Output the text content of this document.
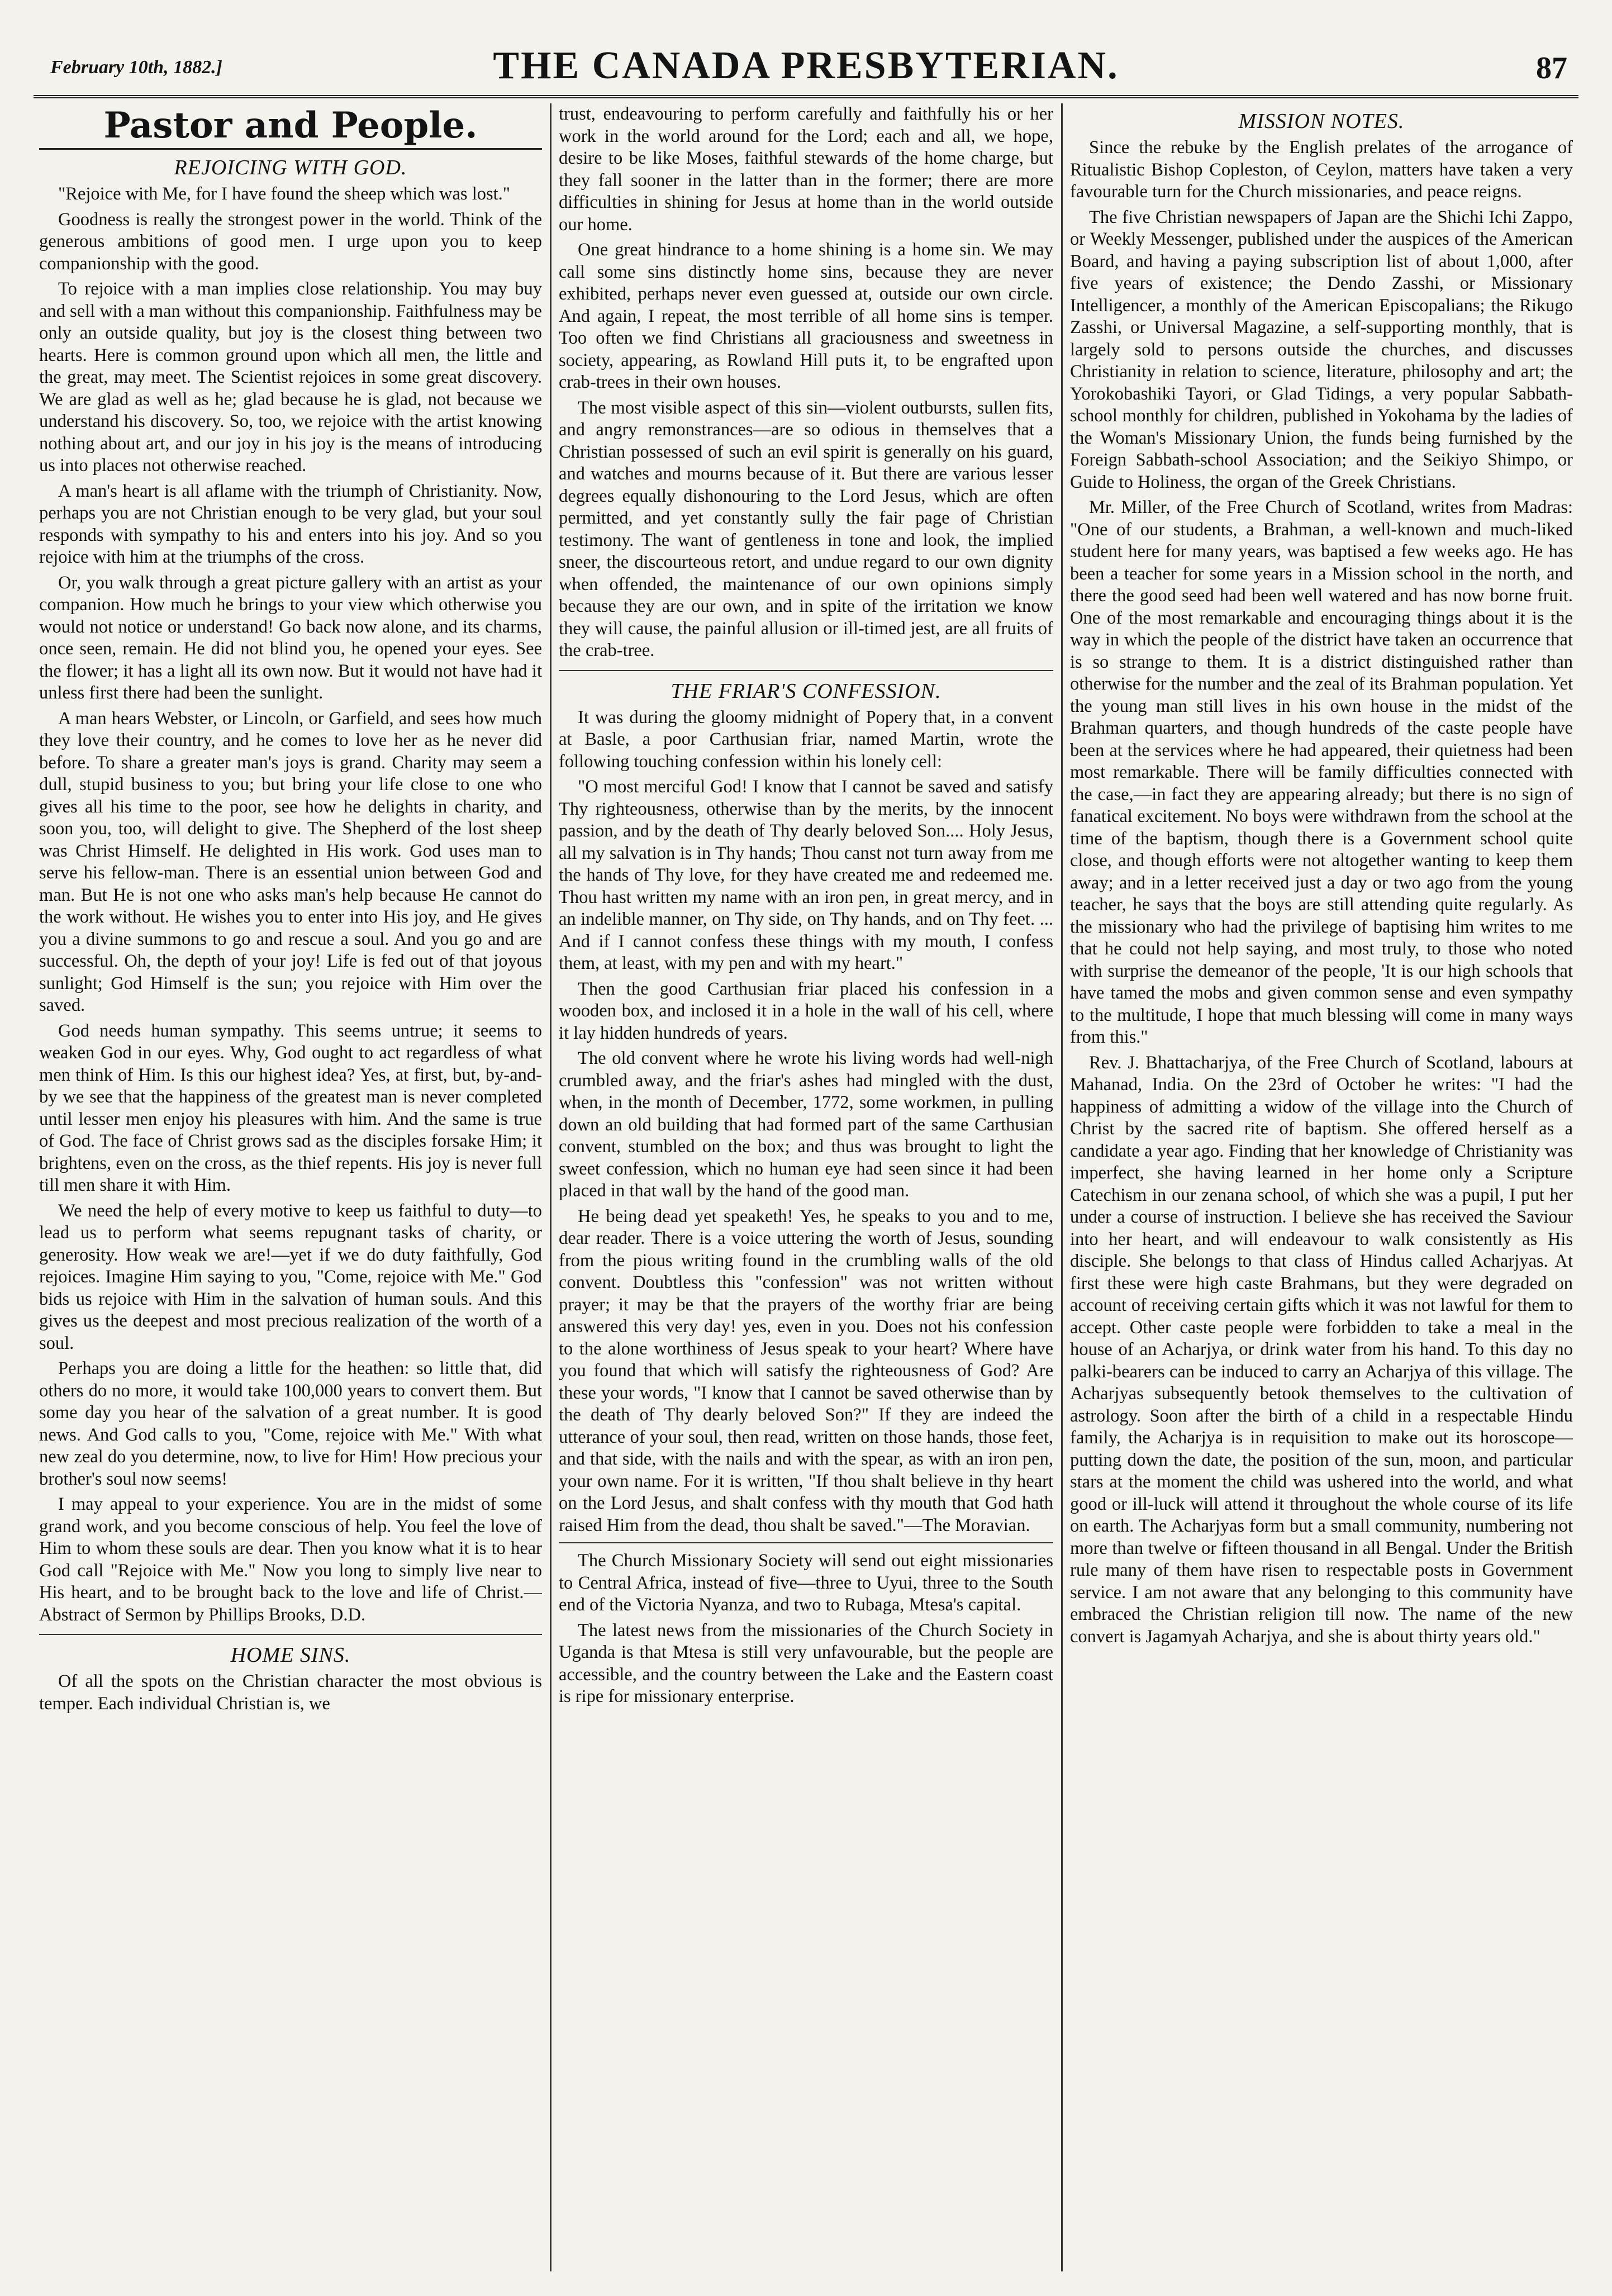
February 10th, 1882.]	THE CANADA PRESBYTERIAN.	87
Pastor and People.
REJOICING WITH GOD.

"Rejoice with Me, for I have found the sheep which was lost."

Goodness is really the strongest power in the world. Think of the generous ambitions of good men. I urge upon you to keep companionship with the good.

To rejoice with a man implies close relationship. You may buy and sell with a man without this companionship. Faithfulness may be only an outside quality, but joy is the closest thing between two hearts. Here is common ground upon which all men, the little and the great, may meet. The Scientist rejoices in some great discovery. We are glad as well as he; glad because he is glad, not because we understand his discovery. So, too, we rejoice with the artist knowing nothing about art, and our joy in his joy is the means of introducing us into places not otherwise reached.

A man's heart is all aflame with the triumph of Christianity. Now, perhaps you are not Christian enough to be very glad, but your soul responds with sympathy to his and enters into his joy. And so you rejoice with him at the triumphs of the cross.

Or, you walk through a great picture gallery with an artist as your companion. How much he brings to your view which otherwise you would not notice or understand! Go back now alone, and its charms, once seen, remain. He did not blind you, he opened your eyes. See the flower; it has a light all its own now. But it would not have had it unless first there had been the sunlight.

A man hears Webster, or Lincoln, or Garfield, and sees how much they love their country, and he comes to love her as he never did before. To share a greater man's joys is grand. Charity may seem a dull, stupid business to you; but bring your life close to one who gives all his time to the poor, see how he delights in charity, and soon you, too, will delight to give. The Shepherd of the lost sheep was Christ Himself. He delighted in His work. God uses man to serve his fellow-man. There is an essential union between God and man. But He is not one who asks man's help because He cannot do the work without. He wishes you to enter into His joy, and He gives you a divine summons to go and rescue a soul. And you go and are successful. Oh, the depth of your joy! Life is fed out of that joyous sunlight; God Himself is the sun; you rejoice with Him over the saved.

God needs human sympathy. This seems untrue; it seems to weaken God in our eyes. Why, God ought to act regardless of what men think of Him. Is this our highest idea? Yes, at first, but, by-and-by we see that the happiness of the greatest man is never completed until lesser men enjoy his pleasures with him. And the same is true of God. The face of Christ grows sad as the disciples forsake Him; it brightens, even on the cross, as the thief repents. His joy is never full till men share it with Him.

We need the help of every motive to keep us faithful to duty—to lead us to perform what seems repugnant tasks of charity, or generosity. How weak we are!—yet if we do duty faithfully, God rejoices. Imagine Him saying to you, "Come, rejoice with Me." God bids us rejoice with Him in the salvation of human souls. And this gives us the deepest and most precious realization of the worth of a soul.

Perhaps you are doing a little for the heathen: so little that, did others do no more, it would take 100,000 years to convert them. But some day you hear of the salvation of a great number. It is good news. And God calls to you, "Come, rejoice with Me." With what new zeal do you determine, now, to live for Him! How precious your brother's soul now seems!

I may appeal to your experience. You are in the midst of some grand work, and you become conscious of help. You feel the love of Him to whom these souls are dear. Then you know what it is to hear God call "Rejoice with Me." Now you long to simply live near to His heart, and to be brought back to the love and life of Christ.—Abstract of Sermon by Phillips Brooks, D.D.

HOME SINS.

Of all the spots on the Christian character the most obvious is temper. Each individual Christian is, we

trust, endeavouring to perform carefully and faithfully his or her work in the world around for the Lord; each and all, we hope, desire to be like Moses, faithful stewards of the home charge, but they fall sooner in the latter than in the former; there are more difficulties in shining for Jesus at home than in the world outside our home.

One great hindrance to a home shining is a home sin. We may call some sins distinctly home sins, because they are never exhibited, perhaps never even guessed at, outside our own circle. And again, I repeat, the most terrible of all home sins is temper. Too often we find Christians all graciousness and sweetness in society, appearing, as Rowland Hill puts it, to be engrafted upon crab-trees in their own houses.

The most visible aspect of this sin—violent outbursts, sullen fits, and angry remonstrances—are so odious in themselves that a Christian possessed of such an evil spirit is generally on his guard, and watches and mourns because of it. But there are various lesser degrees equally dishonouring to the Lord Jesus, which are often permitted, and yet constantly sully the fair page of Christian testimony. The want of gentleness in tone and look, the implied sneer, the discourteous retort, and undue regard to our own dignity when offended, the maintenance of our own opinions simply because they are our own, and in spite of the irritation we know they will cause, the painful allusion or ill-timed jest, are all fruits of the crab-tree.

THE FRIAR'S CONFESSION.

It was during the gloomy midnight of Popery that, in a convent at Basle, a poor Carthusian friar, named Martin, wrote the following touching confession within his lonely cell:

"O most merciful God! I know that I cannot be saved and satisfy Thy righteousness, otherwise than by the merits, by the innocent passion, and by the death of Thy dearly beloved Son.... Holy Jesus, all my salvation is in Thy hands; Thou canst not turn away from me the hands of Thy love, for they have created me and redeemed me. Thou hast written my name with an iron pen, in great mercy, and in an indelible manner, on Thy side, on Thy hands, and on Thy feet. ... And if I cannot confess these things with my mouth, I confess them, at least, with my pen and with my heart."

Then the good Carthusian friar placed his confession in a wooden box, and inclosed it in a hole in the wall of his cell, where it lay hidden hundreds of years.

The old convent where he wrote his living words had well-nigh crumbled away, and the friar's ashes had mingled with the dust, when, in the month of December, 1772, some workmen, in pulling down an old building that had formed part of the same Carthusian convent, stumbled on the box; and thus was brought to light the sweet confession, which no human eye had seen since it had been placed in that wall by the hand of the good man.

He being dead yet speaketh! Yes, he speaks to you and to me, dear reader. There is a voice uttering the worth of Jesus, sounding from the pious writing found in the crumbling walls of the old convent. Doubtless this "confession" was not written without prayer; it may be that the prayers of the worthy friar are being answered this very day! yes, even in you. Does not his confession to the alone worthiness of Jesus speak to your heart? Where have you found that which will satisfy the righteousness of God? Are these your words, "I know that I cannot be saved otherwise than by the death of Thy dearly beloved Son?" If they are indeed the utterance of your soul, then read, written on those hands, those feet, and that side, with the nails and with the spear, as with an iron pen, your own name. For it is written, "If thou shalt believe in thy heart on the Lord Jesus, and shalt confess with thy mouth that God hath raised Him from the dead, thou shalt be saved."—The Moravian.

The Church Missionary Society will send out eight missionaries to Central Africa, instead of five—three to Uyui, three to the South end of the Victoria Nyanza, and two to Rubaga, Mtesa's capital.

The latest news from the missionaries of the Church Society in Uganda is that Mtesa is still very unfavourable, but the people are accessible, and the country between the Lake and the Eastern coast is ripe for missionary enterprise.

MISSION NOTES.

Since the rebuke by the English prelates of the arrogance of Ritualistic Bishop Copleston, of Ceylon, matters have taken a very favourable turn for the Church missionaries, and peace reigns.

The five Christian newspapers of Japan are the Shichi Ichi Zappo, or Weekly Messenger, published under the auspices of the American Board, and having a paying subscription list of about 1,000, after five years of existence; the Dendo Zasshi, or Missionary Intelligencer, a monthly of the American Episcopalians; the Rikugo Zasshi, or Universal Magazine, a self-supporting monthly, that is largely sold to persons outside the churches, and discusses Christianity in relation to science, literature, philosophy and art; the Yorokobashiki Tayori, or Glad Tidings, a very popular Sabbath-school monthly for children, published in Yokohama by the ladies of the Woman's Missionary Union, the funds being furnished by the Foreign Sabbath-school Association; and the Seikiyo Shimpo, or Guide to Holiness, the organ of the Greek Christians.

Mr. Miller, of the Free Church of Scotland, writes from Madras: "One of our students, a Brahman, a well-known and much-liked student here for many years, was baptised a few weeks ago. He has been a teacher for some years in a Mission school in the north, and there the good seed had been well watered and has now borne fruit. One of the most remarkable and encouraging things about it is the way in which the people of the district have taken an occurrence that is so strange to them. It is a district distinguished rather than otherwise for the number and the zeal of its Brahman population. Yet the young man still lives in his own house in the midst of the Brahman quarters, and though hundreds of the caste people have been at the services where he had appeared, their quietness had been most remarkable. There will be family difficulties connected with the case,—in fact they are appearing already; but there is no sign of fanatical excitement. No boys were withdrawn from the school at the time of the baptism, though there is a Government school quite close, and though efforts were not altogether wanting to keep them away; and in a letter received just a day or two ago from the young teacher, he says that the boys are still attending quite regularly. As the missionary who had the privilege of baptising him writes to me that he could not help saying, and most truly, to those who noted with surprise the demeanor of the people, 'It is our high schools that have tamed the mobs and given common sense and even sympathy to the multitude, I hope that much blessing will come in many ways from this."

Rev. J. Bhattacharjya, of the Free Church of Scotland, labours at Mahanad, India. On the 23rd of October he writes: "I had the happiness of admitting a widow of the village into the Church of Christ by the sacred rite of baptism. She offered herself as a candidate a year ago. Finding that her knowledge of Christianity was imperfect, she having learned in her home only a Scripture Catechism in our zenana school, of which she was a pupil, I put her under a course of instruction. I believe she has received the Saviour into her heart, and will endeavour to walk consistently as His disciple. She belongs to that class of Hindus called Acharjyas. At first these were high caste Brahmans, but they were degraded on account of receiving certain gifts which it was not lawful for them to accept. Other caste people were forbidden to take a meal in the house of an Acharjya, or drink water from his hand. To this day no palki-bearers can be induced to carry an Acharjya of this village. The Acharjyas subsequently betook themselves to the cultivation of astrology. Soon after the birth of a child in a respectable Hindu family, the Acharjya is in requisition to make out its horoscope—putting down the date, the position of the sun, moon, and particular stars at the moment the child was ushered into the world, and what good or ill-luck will attend it throughout the whole course of its life on earth. The Acharjyas form but a small community, numbering not more than twelve or fifteen thousand in all Bengal. Under the British rule many of them have risen to respectable posts in Government service. I am not aware that any belonging to this community have embraced the Christian religion till now. The name of the new convert is Jagamyah Acharjya, and she is about thirty years old."
